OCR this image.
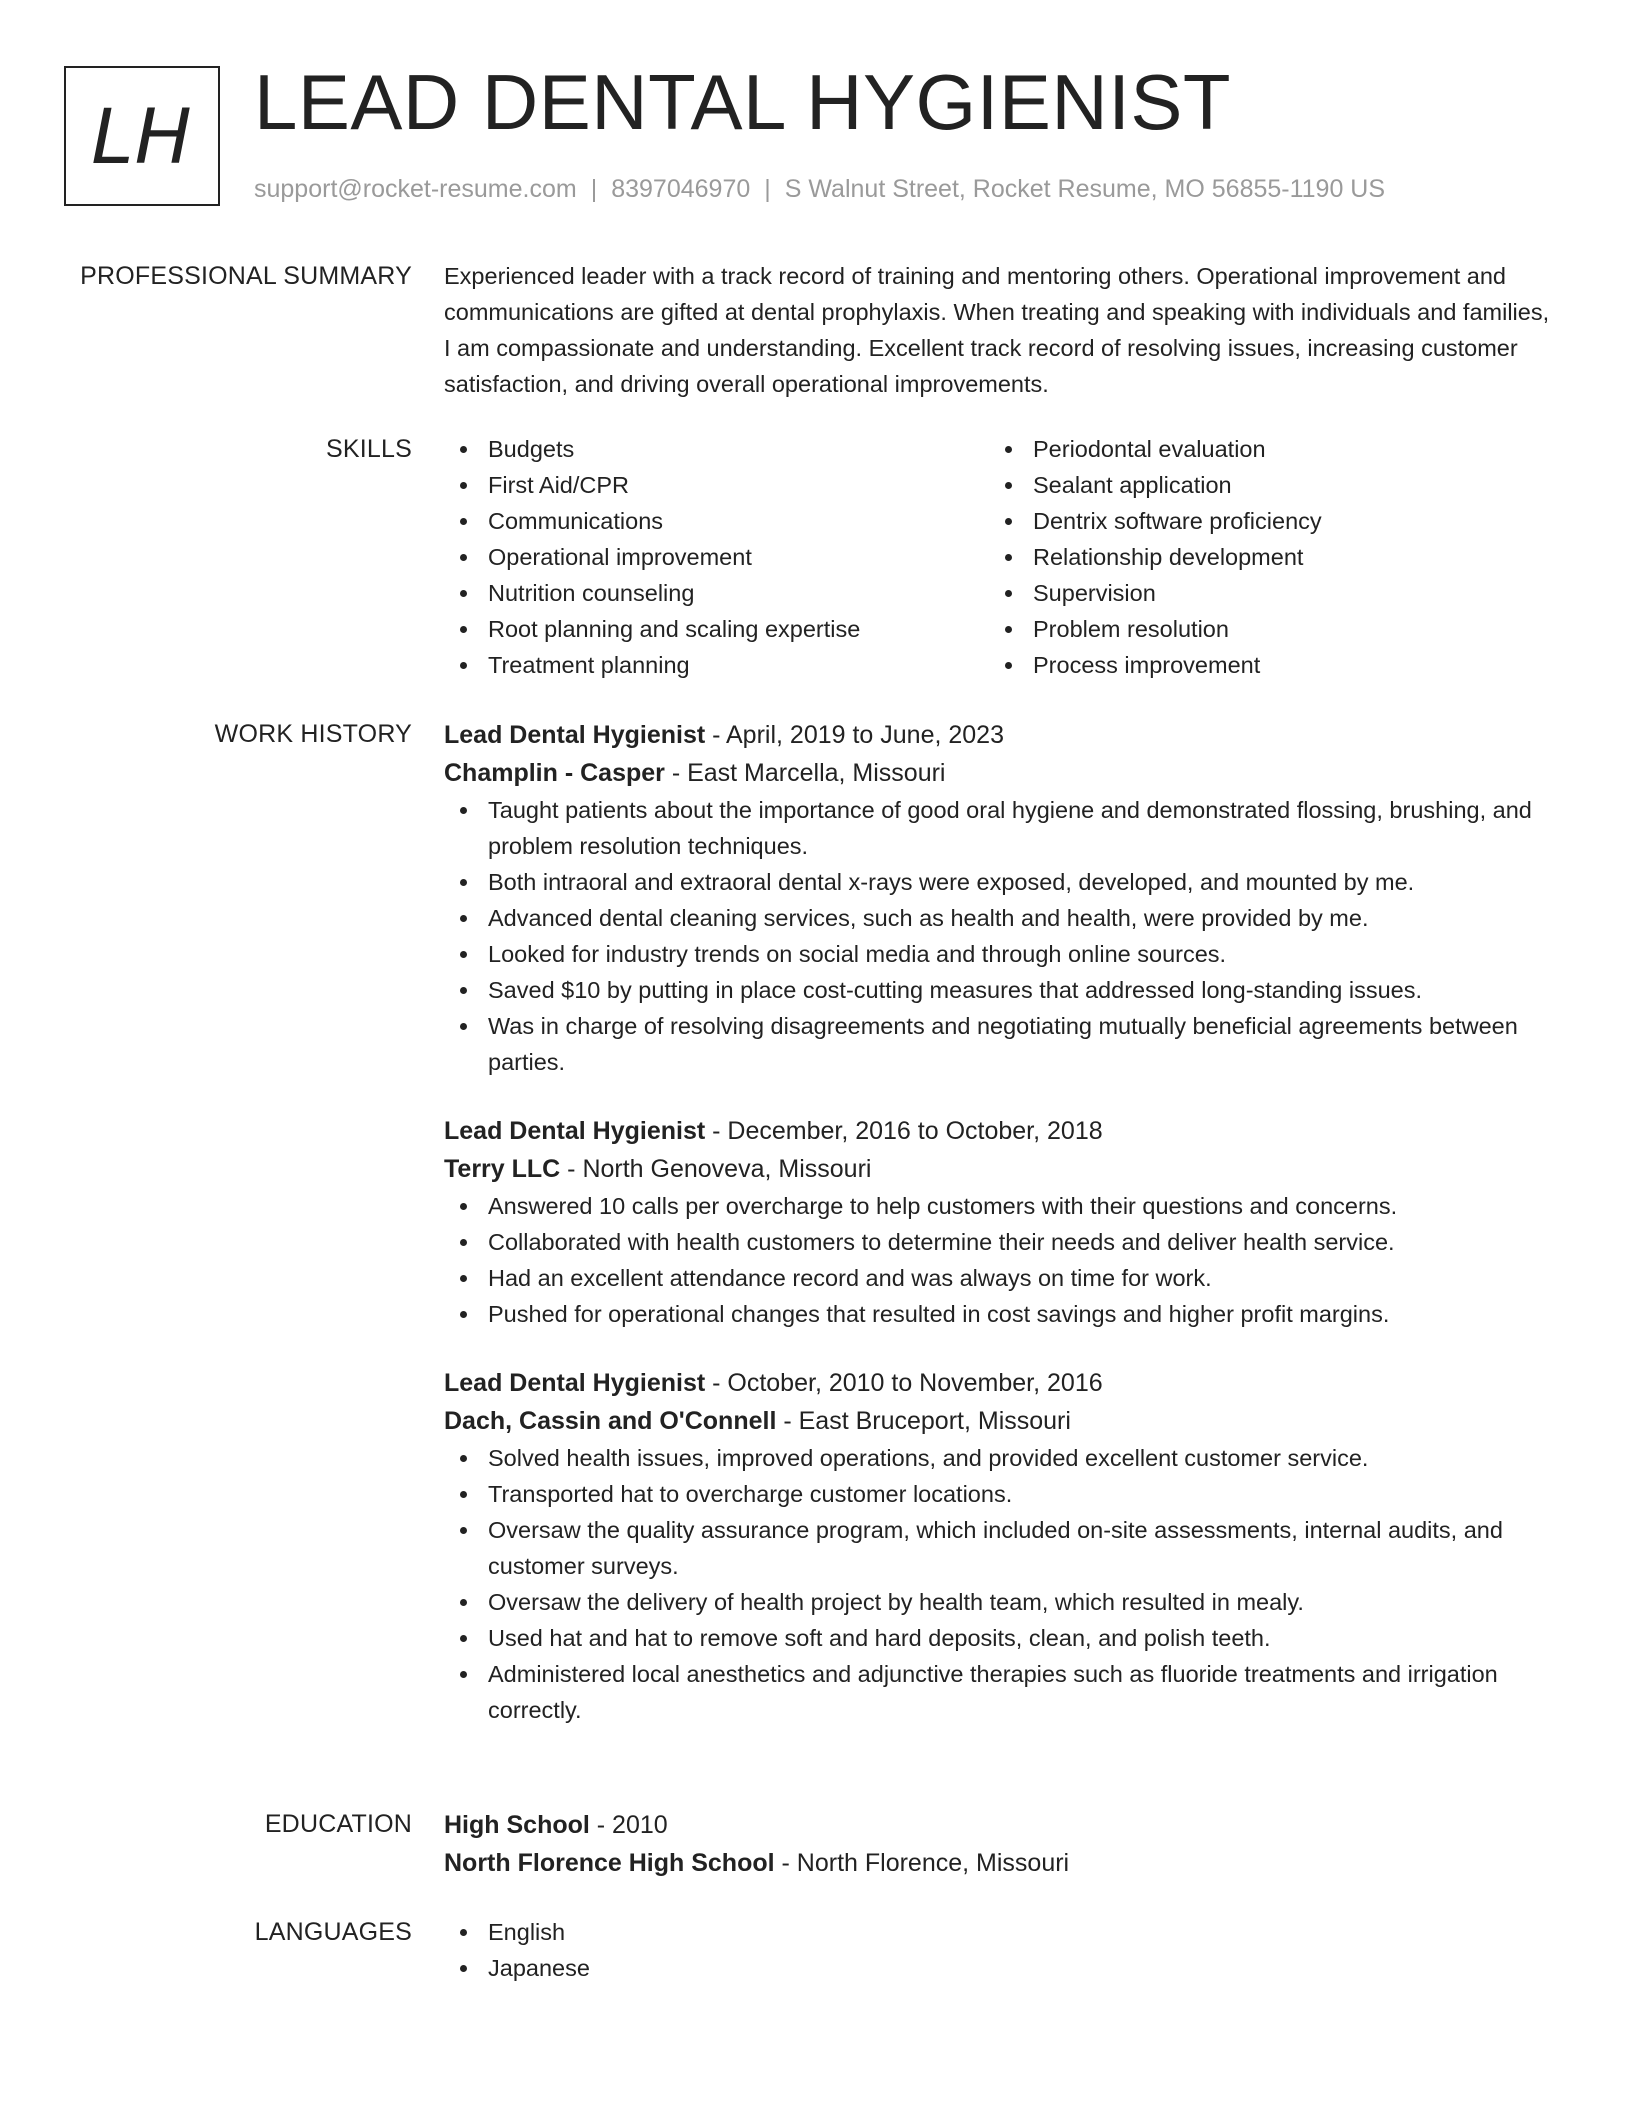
LH LEAD DENTAL HYGIENIST
support@rocket-resume.com | 8397046970 | S Walnut Street, Rocket Resume, MO 56855-1190 US
PROFESSIONAL SUMMARY Experienced leader with a track record of training and mentoring others. Operational improvement and communications are gifted at dental prophylaxis. When treating and speaking with individuals and families, I am compassionate and understanding. Excellent track record of resolving issues, increasing customer satisfaction, and driving overall operational improvements.

SKILLS	Budgets
First Aid/CPR
Communications
Operational improvement
Nutrition counseling
Root planning and scaling expertise
Treatment planning
Periodontal evaluation
Sealant application
Dentrix software proficiency
Relationship development
Supervision
Problem resolution
Process improvement
WORK HISTORY Lead Dental Hygienist - April, 2019 to June, 2023
Champlin - Casper - East Marcella, Missouri
Taught patients about the importance of good oral hygiene and demonstrated flossing, brushing, and problem resolution techniques.
Both intraoral and extraoral dental x-rays were exposed, developed, and mounted by me.
Advanced dental cleaning services, such as health and health, were provided by me.
Looked for industry trends on social media and through online sources.
Saved $10 by putting in place cost-cutting measures that addressed long-standing issues.
Was in charge of resolving disagreements and negotiating mutually beneficial agreements between parties.
Lead Dental Hygienist - December, 2016 to October, 2018
Terry LLC - North Genoveva, Missouri
Answered 10 calls per overcharge to help customers with their questions and concerns.
Collaborated with health customers to determine their needs and deliver health service.
Had an excellent attendance record and was always on time for work.
Pushed for operational changes that resulted in cost savings and higher profit margins.
Lead Dental Hygienist - October, 2010 to November, 2016
Dach, Cassin and O'Connell - East Bruceport, Missouri
Solved health issues, improved operations, and provided excellent customer service.
Transported hat to overcharge customer locations.
Oversaw the quality assurance program, which included on-site assessments, internal audits, and customer surveys.
Oversaw the delivery of health project by health team, which resulted in mealy.
Used hat and hat to remove soft and hard deposits, clean, and polish teeth.
Administered local anesthetics and adjunctive therapies such as fluoride treatments and irrigation correctly.
EDUCATION High School - 2010
North Florence High School - North Florence, Missouri
LANGUAGES	English
Japanese
